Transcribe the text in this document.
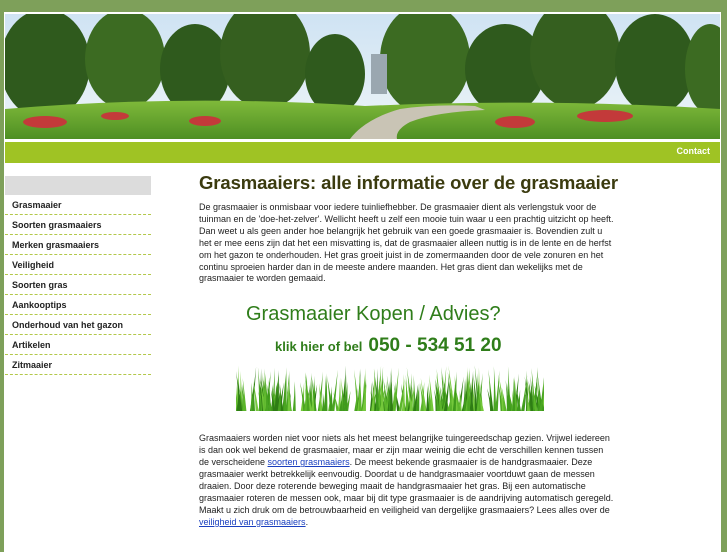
Contact
Grasmaaier
Soorten grasmaaiers
Merken grasmaaiers
Veiligheid
Soorten gras
Aankooptips
Onderhoud van het gazon
Artikelen
Zitmaaier
Grasmaaiers: alle informatie over de grasmaaier

De grasmaaier is onmisbaar voor iedere tuinliefhebber. De grasmaaier dient als verlengstuk voor de tuinman en de 'doe-het-zelver'. Wellicht heeft u zelf een mooie tuin waar u een prachtig uitzicht op heeft. Dan weet u als geen ander hoe belangrijk het gebruik van een goede grasmaaier is. Bovendien zult u het er mee eens zijn dat het een misvatting is, dat de grasmaaier alleen nuttig is in de lente en de herfst om het gazon te onderhouden. Het gras groeit juist in de zomermaanden door de vele zonuren en het continu sproeien harder dan in de meeste andere maanden. Het gras dient dan wekelijks met de grasmaaier te worden gemaaid.

Grasmaaier Kopen / Advies?
klik hier of bel 050 - 534 51 20

Grasmaaiers worden niet voor niets als het meest belangrijke tuingereedschap gezien. Vrijwel iedereen is dan ook wel bekend de grasmaaier, maar er zijn maar weinig die echt de verschillen kennen tussen de verscheidene soorten grasmaaiers. De meest bekende grasmaaier is de handgrasmaaier. Deze grasmaaier werkt betrekkelijk eenvoudig. Doordat u de handgrasmaaier voortduwt gaan de messen draaien. Door deze roterende beweging maait de handgrasmaaier het gras. Bij een automatische grasmaaier roteren de messen ook, maar bij dit type grasmaaier is de aandrijving automatisch geregeld. Maakt u zich druk om de betrouwbaarheid en veiligheid van dergelijke grasmaaiers? Lees alles over de veiligheid van grasmaaiers.
